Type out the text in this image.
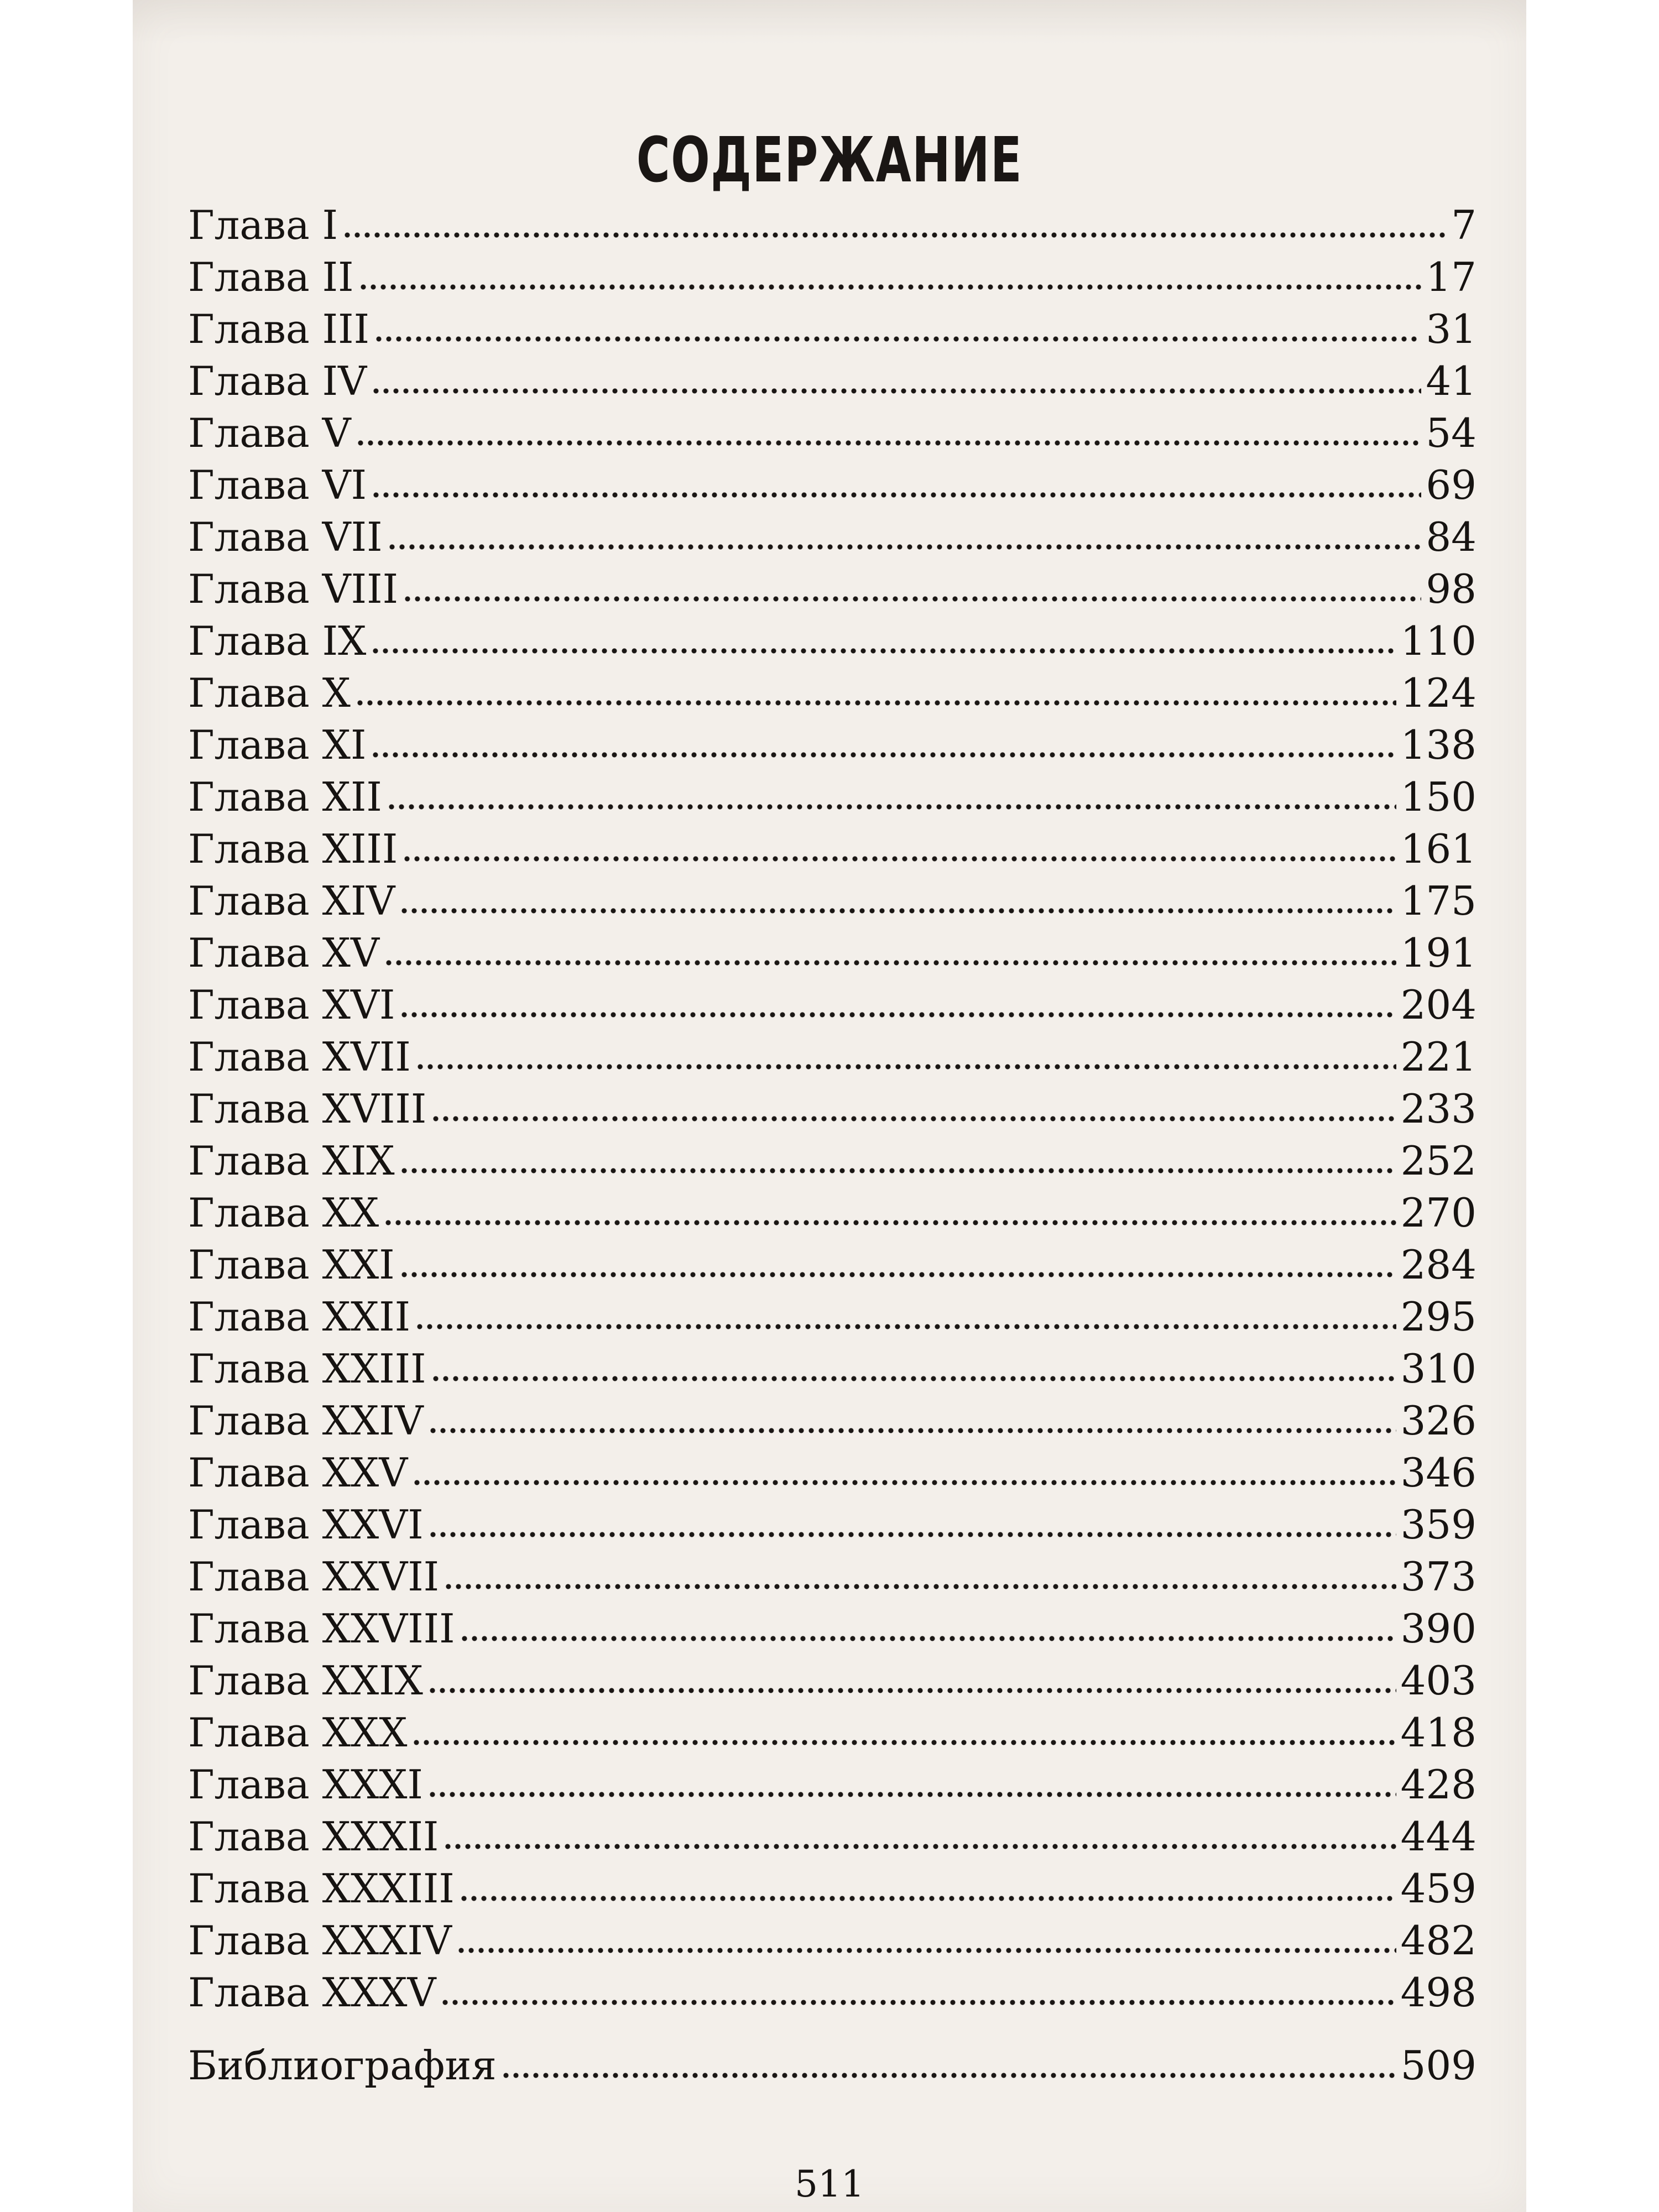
СОДЕРЖАНИЕ
Глава I	7
Глава II	17
Глава III	31
Глава IV	41
Глава V	54
Глава VI	69
Глава VII	84
Глава VIII	98
Глава IX	110
Глава X	124
Глава XI	138
Глава XII	150
Глава XIII	161
Глава XIV	175
Глава XV	191
Глава XVI	204
Глава XVII	221
Глава XVIII	233
Глава XIX	252
Глава XX	270
Глава XXI	284
Глава XXII	295
Глава XXIII	310
Глава XXIV	326
Глава XXV	346
Глава XXVI	359
Глава XXVII	373
Глава XXVIII	390
Глава XXIX	403
Глава XXX	418
Глава XXXI	428
Глава XXXII	444
Глава XXXIII	459
Глава XXXIV	482
Глава XXXV	498
Библиография	509
511
